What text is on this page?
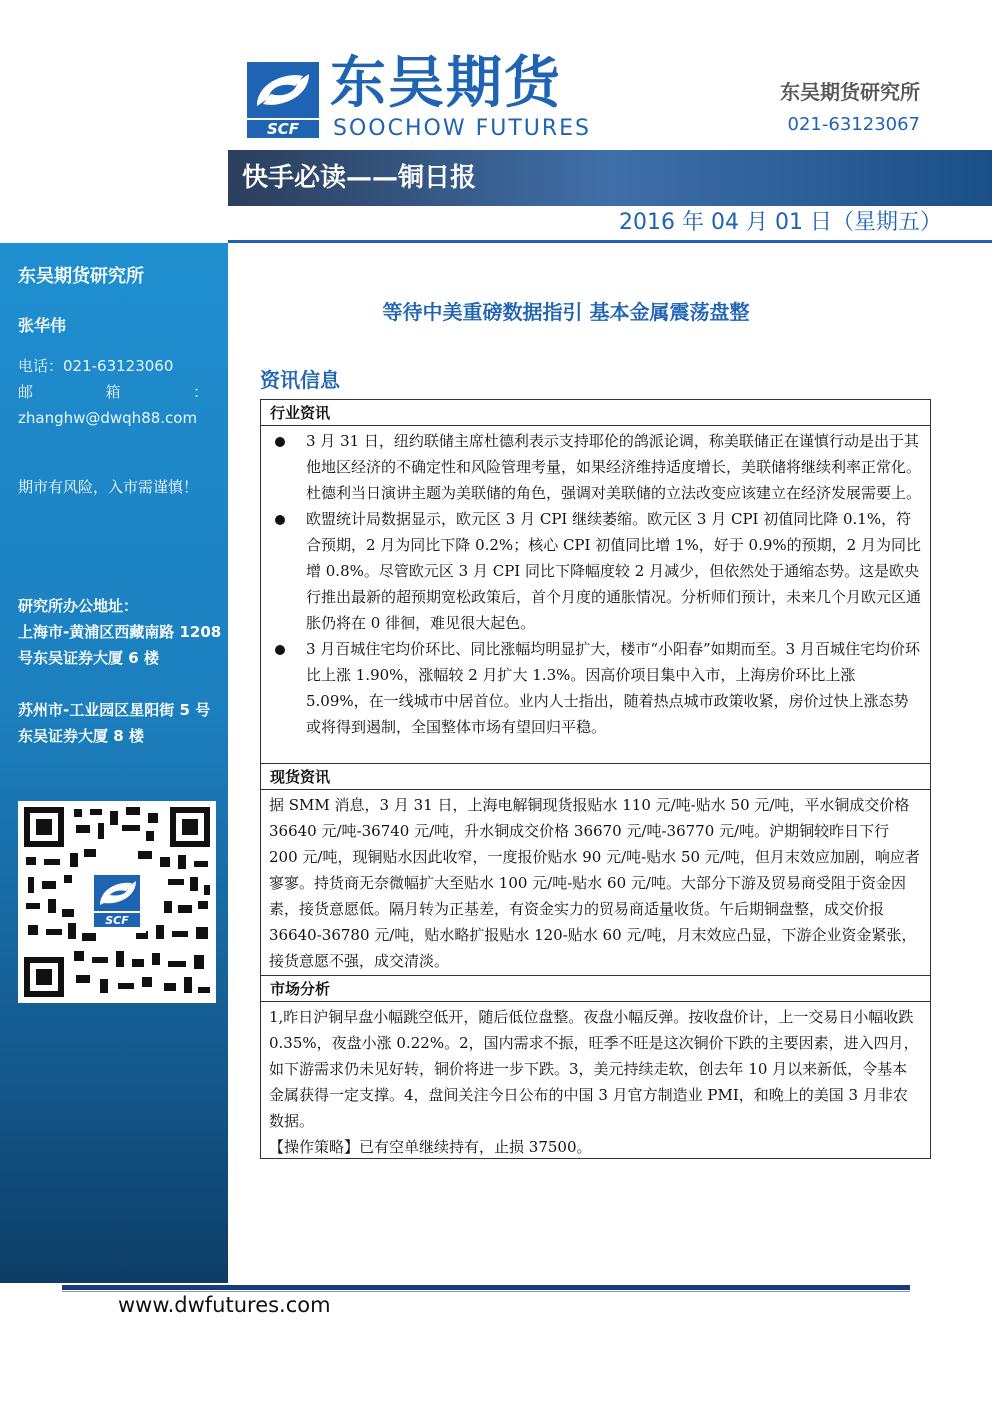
SCF
东吴期货
SOOCHOW FUTURES
东吴期货研究所
021-63123067
快手必读——铜日报
2016 年 04 月 01 日（星期五）
东吴期货研究所
张华伟
电话：021-63123060
邮	箱	：
zhanghw@dwqh88.com
期市有风险，入市需谨慎！
研究所办公地址：
上海市-黄浦区西藏南路 1208 号东吴证券大厦 6 楼
苏州市-工业园区星阳街 5 号东吴证券大厦 8 楼
SCF
等待中美重磅数据指引 基本金属震荡盘整
资讯信息
行业资讯
3 月 31 日，纽约联储主席杜德利表示支持耶伦的鸽派论调，称美联储正在谨慎行动是出于其他地区经济的不确定性和风险管理考量，如果经济维持适度增长，美联储将继续利率正常化。杜德利当日演讲主题为美联储的角色，强调对美联储的立法改变应该建立在经济发展需要上。
欧盟统计局数据显示，欧元区 3 月 CPI 继续萎缩。欧元区 3 月 CPI 初值同比降 0.1%，符合预期，2 月为同比下降 0.2%；核心 CPI 初值同比增 1%，好于 0.9%的预期，2 月为同比增 0.8%。尽管欧元区 3 月 CPI 同比下降幅度较 2 月减少，但依然处于通缩态势。这是欧央行推出最新的超预期宽松政策后，首个月度的通胀情况。分析师们预计，未来几个月欧元区通胀仍将在 0 徘徊，难见很大起色。
3 月百城住宅均价环比、同比涨幅均明显扩大，楼市“小阳春”如期而至。3 月百城住宅均价环比上涨 1.90%，涨幅较 2 月扩大 1.3%。因高价项目集中入市，上海房价环比上涨 5.09%，在一线城市中居首位。业内人士指出，随着热点城市政策收紧，房价过快上涨态势或将得到遏制，全国整体市场有望回归平稳。
现货资讯
据 SMM 消息，3 月 31 日，上海电解铜现货报贴水 110 元/吨-贴水 50 元/吨，平水铜成交价格 36640 元/吨-36740 元/吨，升水铜成交价格 36670 元/吨-36770 元/吨。沪期铜较昨日下行 200 元/吨，现铜贴水因此收窄，一度报价贴水 90 元/吨-贴水 50 元/吨，但月末效应加剧，响应者寥寥。持货商无奈微幅扩大至贴水 100 元/吨-贴水 60 元/吨。大部分下游及贸易商受阻于资金因素，接货意愿低。隔月转为正基差，有资金实力的贸易商适量收货。午后期铜盘整，成交价报 36640-36780 元/吨，贴水略扩报贴水 120-贴水 60 元/吨，月末效应凸显，下游企业资金紧张，接货意愿不强，成交清淡。
市场分析
1,昨日沪铜早盘小幅跳空低开，随后低位盘整。夜盘小幅反弹。按收盘价计，上一交易日小幅收跌 0.35%，夜盘小涨 0.22%。2，国内需求不振，旺季不旺是这次铜价下跌的主要因素，进入四月，如下游需求仍未见好转，铜价将进一步下跌。3，美元持续走软，创去年 10 月以来新低，令基本金属获得一定支撑。4，盘间关注今日公布的中国 3 月官方制造业 PMI，和晚上的美国 3 月非农数据。
【操作策略】已有空单继续持有，止损 37500。
www.dwfutures.com
